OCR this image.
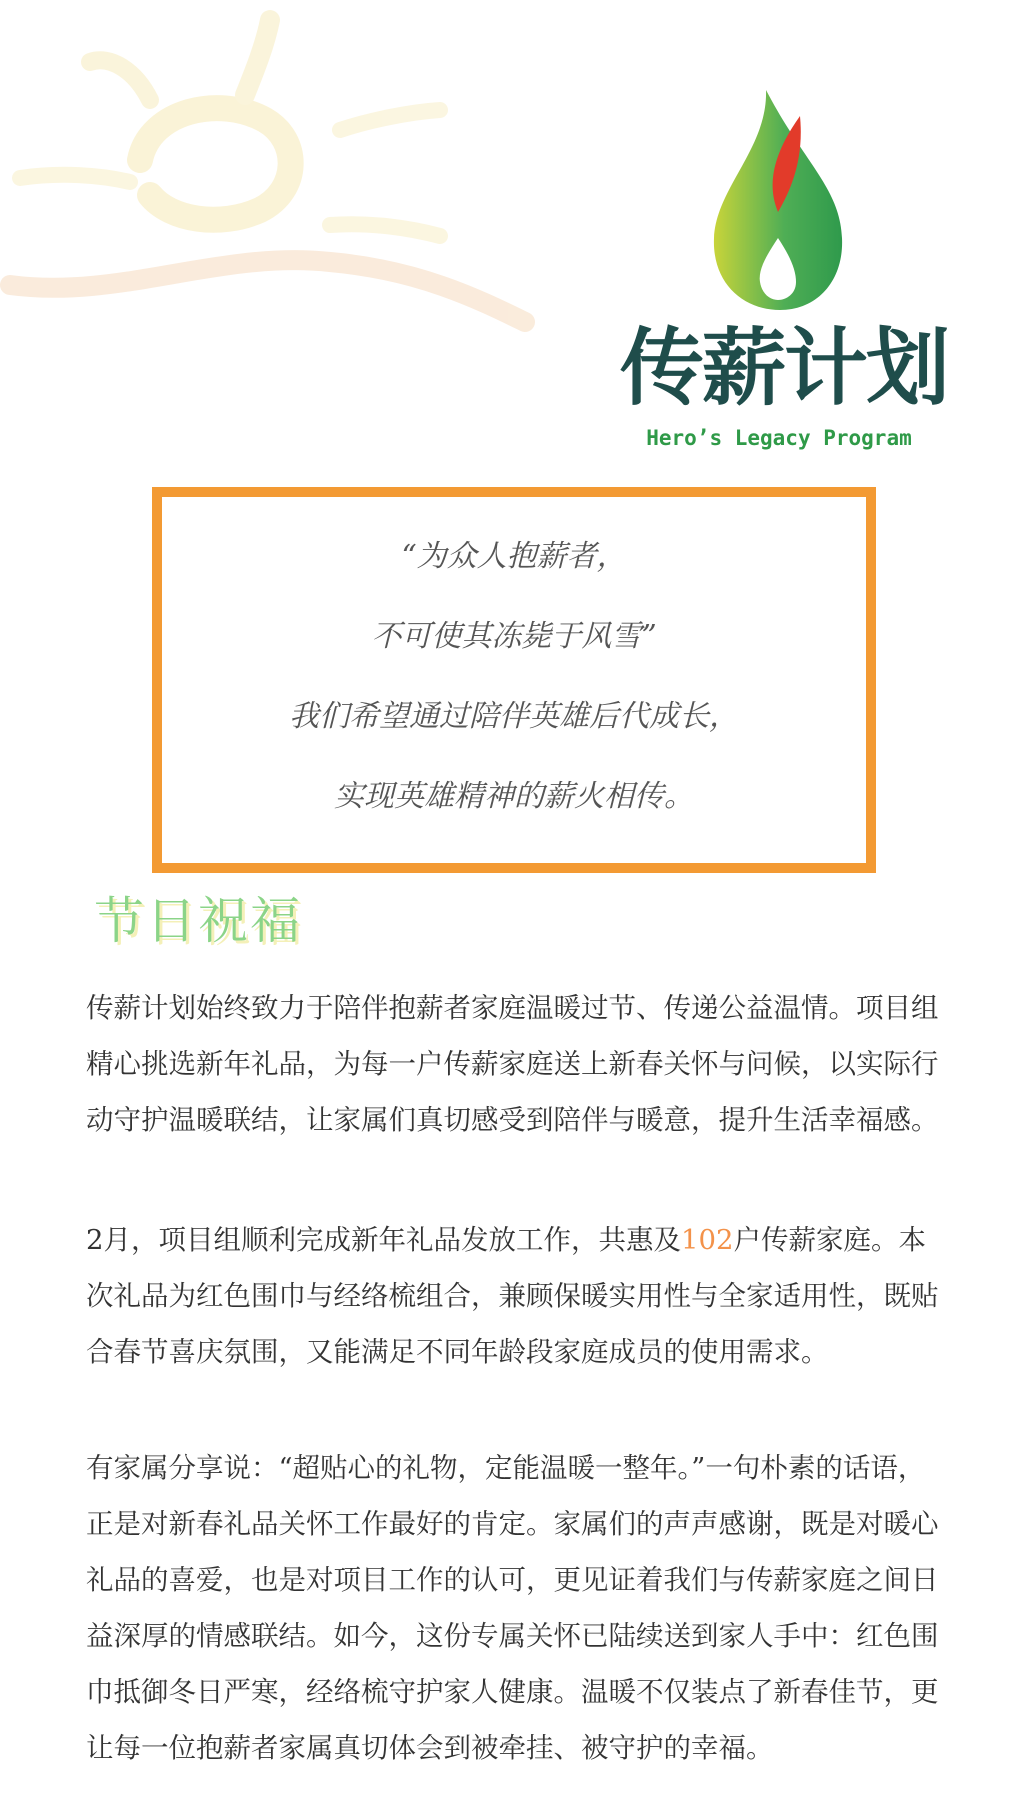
传薪计划
Hero’s Legacy Program
“为众人抱薪者，
不可使其冻毙于风雪”
我们希望通过陪伴英雄后代成长，
实现英雄精神的薪火相传。
节日祝福

传薪计划始终致力于陪伴抱薪者家庭温暖过节、传递公益温情。项目组精心挑选新年礼品，为每一户传薪家庭送上新春关怀与问候，以实际行动守护温暖联结，让家属们真切感受到陪伴与暖意，提升生活幸福感。

2月，项目组顺利完成新年礼品发放工作，共惠及102户传薪家庭。本次礼品为红色围巾与经络梳组合，兼顾保暖实用性与全家适用性，既贴合春节喜庆氛围，又能满足不同年龄段家庭成员的使用需求。

有家属分享说：“超贴心的礼物，定能温暖一整年。”一句朴素的话语，正是对新春礼品关怀工作最好的肯定。家属们的声声感谢，既是对暖心礼品的喜爱，也是对项目工作的认可，更见证着我们与传薪家庭之间日益深厚的情感联结。如今，这份专属关怀已陆续送到家人手中：红色围巾抵御冬日严寒，经络梳守护家人健康。温暖不仅装点了新春佳节，更让每一位抱薪者家属真切体会到被牵挂、被守护的幸福。
